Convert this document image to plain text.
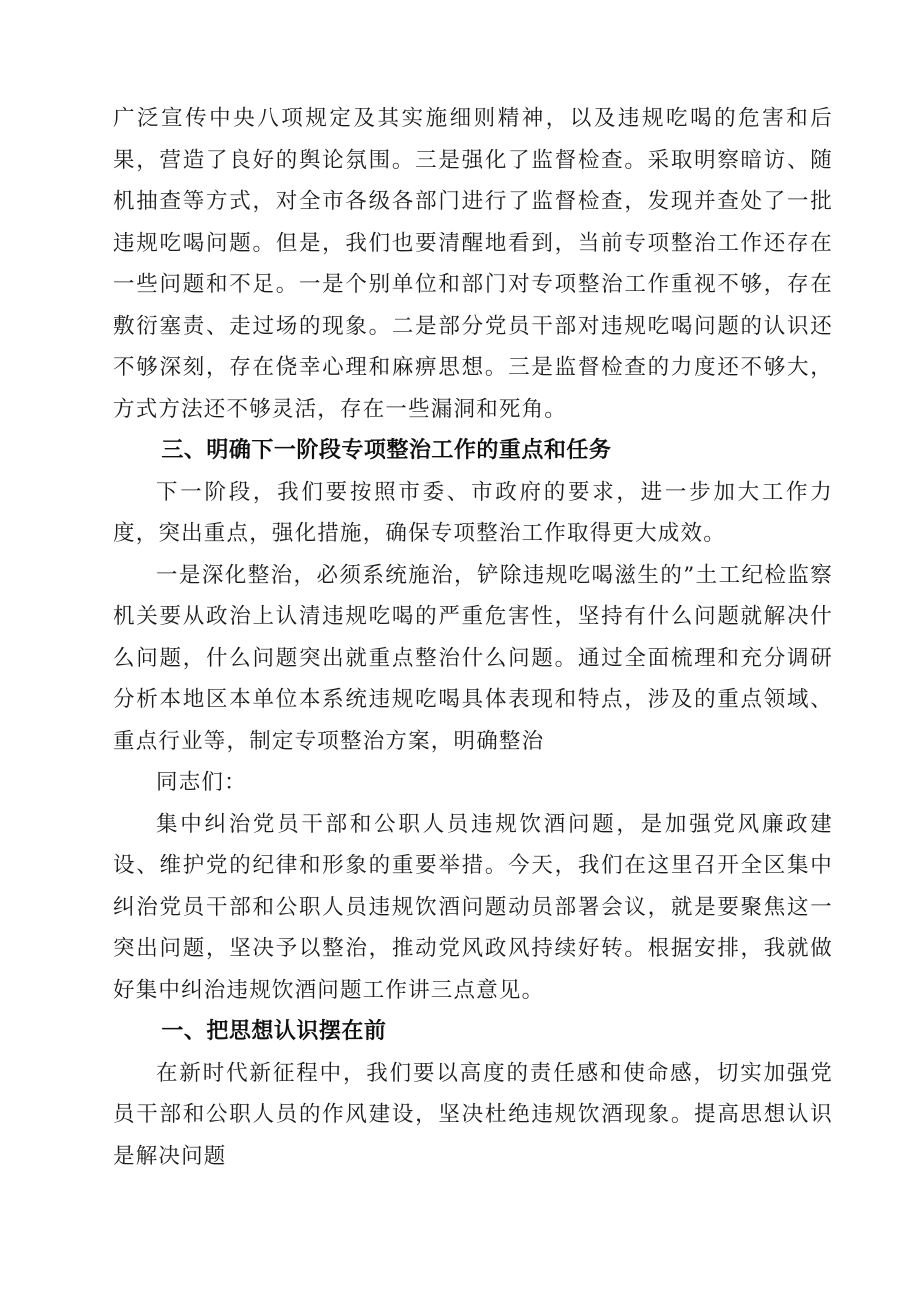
广泛宣传中央八项规定及其实施细则精神，以及违规吃喝的危害和后果，营造了良好的舆论氛围。三是强化了监督检查。采取明察暗访、随机抽查等方式，对全市各级各部门进行了监督检查，发现并查处了一批违规吃喝问题。但是，我们也要清醒地看到，当前专项整治工作还存在一些问题和不足。一是个别单位和部门对专项整治工作重视不够，存在敷衍塞责、走过场的现象。二是部分党员干部对违规吃喝问题的认识还不够深刻，存在侥幸心理和麻痹思想。三是监督检查的力度还不够大，方式方法还不够灵活，存在一些漏洞和死角。

三、明确下一阶段专项整治工作的重点和任务

下一阶段，我们要按照市委、市政府的要求，进一步加大工作力度，突出重点，强化措施，确保专项整治工作取得更大成效。

一是深化整治，必须系统施治，铲除违规吃喝滋生的”土工纪检监察机关要从政治上认清违规吃喝的严重危害性，坚持有什么问题就解决什么问题，什么问题突出就重点整治什么问题。通过全面梳理和充分调研分析本地区本单位本系统违规吃喝具体表现和特点，涉及的重点领域、重点行业等，制定专项整治方案，明确整治

同志们：

集中纠治党员干部和公职人员违规饮酒问题，是加强党风廉政建设、维护党的纪律和形象的重要举措。今天，我们在这里召开全区集中纠治党员干部和公职人员违规饮酒问题动员部署会议，就是要聚焦这一突出问题，坚决予以整治，推动党风政风持续好转。根据安排，我就做好集中纠治违规饮酒问题工作讲三点意见。

一、把思想认识摆在前

在新时代新征程中，我们要以高度的责任感和使命感，切实加强党员干部和公职人员的作风建设，坚决杜绝违规饮酒现象。提高思想认识是解决问题
